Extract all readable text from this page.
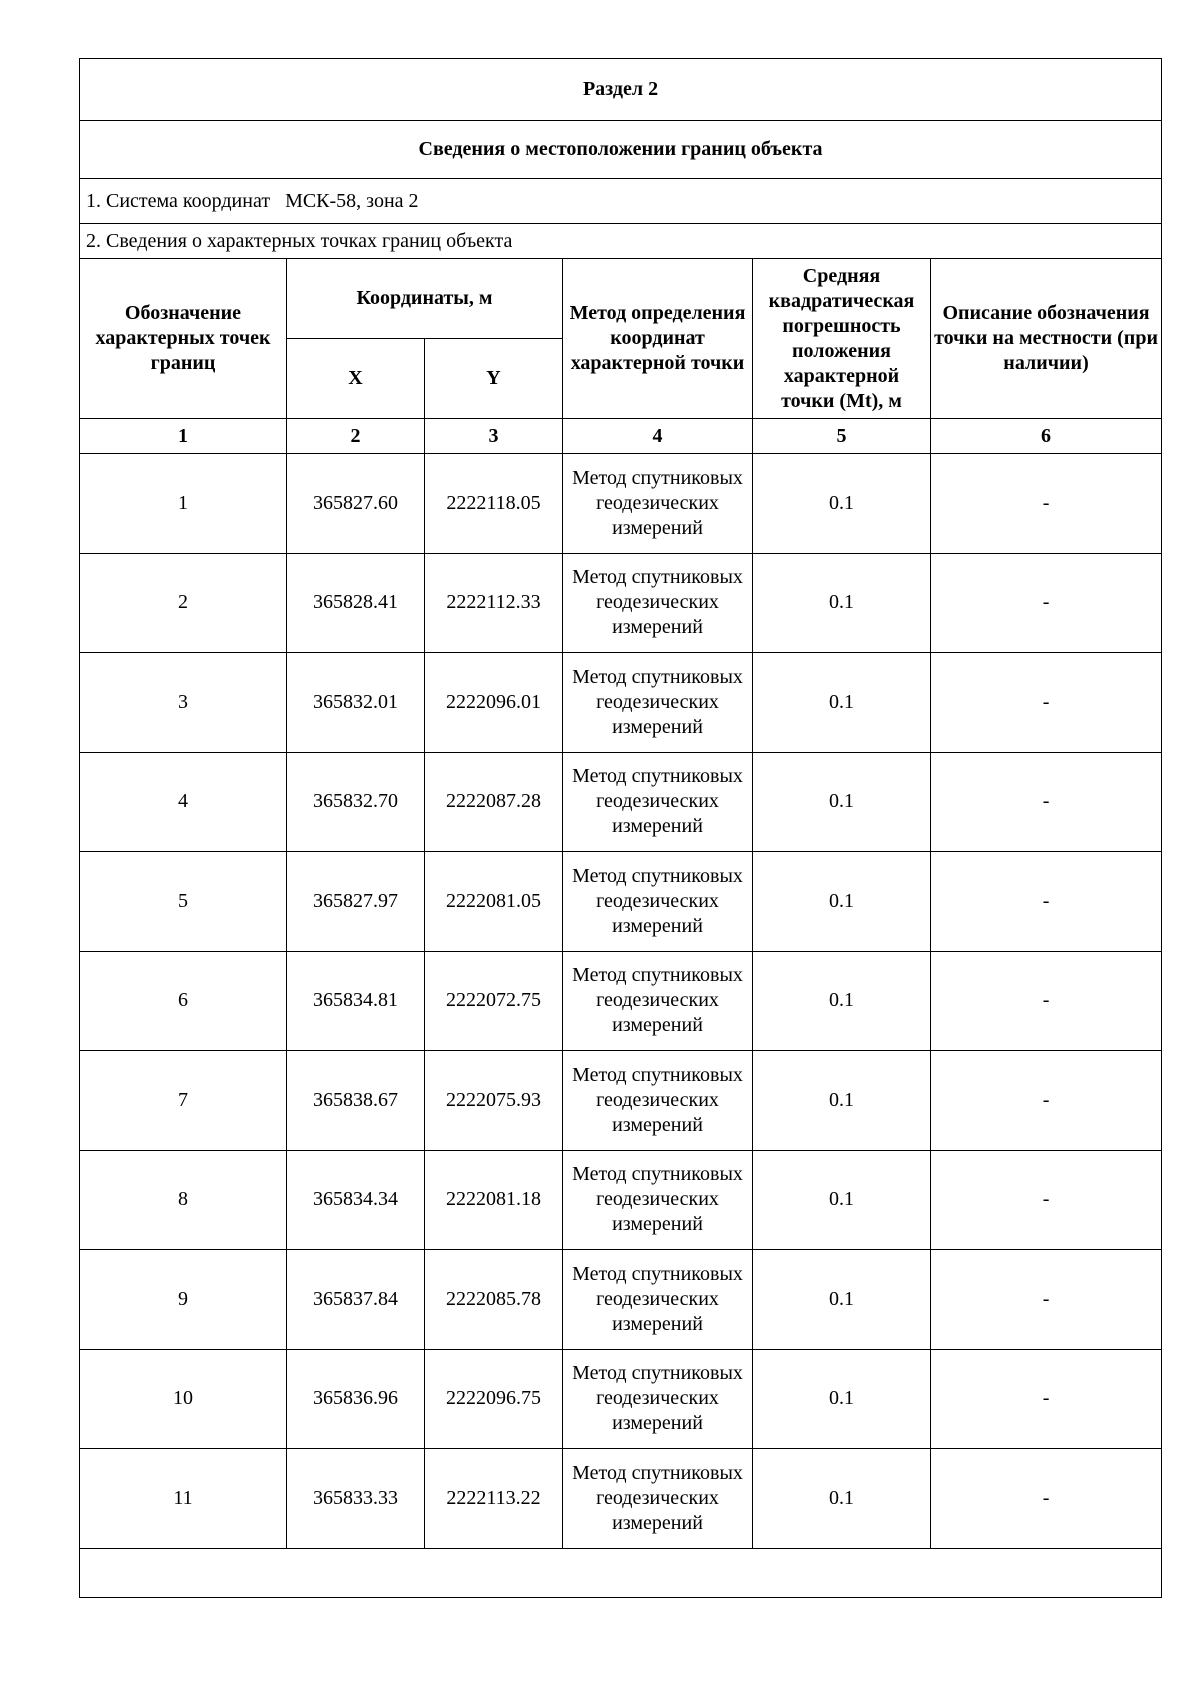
Раздел 2					
Сведения о местоположении границ объекта					
1. Система координат МСК-58, зона 2					
2. Сведения о характерных точках границ объекта					
Обозначение характерных точек границ	Координаты, м		Метод определения координат характерной точки	Средняя квадратическая погрешность положения характерной точки (Mt), м	Описание обозначения точки на местности (при наличии)
	X	Y			
1	2	3	4	5	6
1	365827.60	2222118.05	Метод спутниковых геодезических измерений	0.1	-
2	365828.41	2222112.33	Метод спутниковых геодезических измерений	0.1	-
3	365832.01	2222096.01	Метод спутниковых геодезических измерений	0.1	-
4	365832.70	2222087.28	Метод спутниковых геодезических измерений	0.1	-
5	365827.97	2222081.05	Метод спутниковых геодезических измерений	0.1	-
6	365834.81	2222072.75	Метод спутниковых геодезических измерений	0.1	-
7	365838.67	2222075.93	Метод спутниковых геодезических измерений	0.1	-
8	365834.34	2222081.18	Метод спутниковых геодезических измерений	0.1	-
9	365837.84	2222085.78	Метод спутниковых геодезических измерений	0.1	-
10	365836.96	2222096.75	Метод спутниковых геодезических измерений	0.1	-
11	365833.33	2222113.22	Метод спутниковых геодезических измерений	0.1	-
